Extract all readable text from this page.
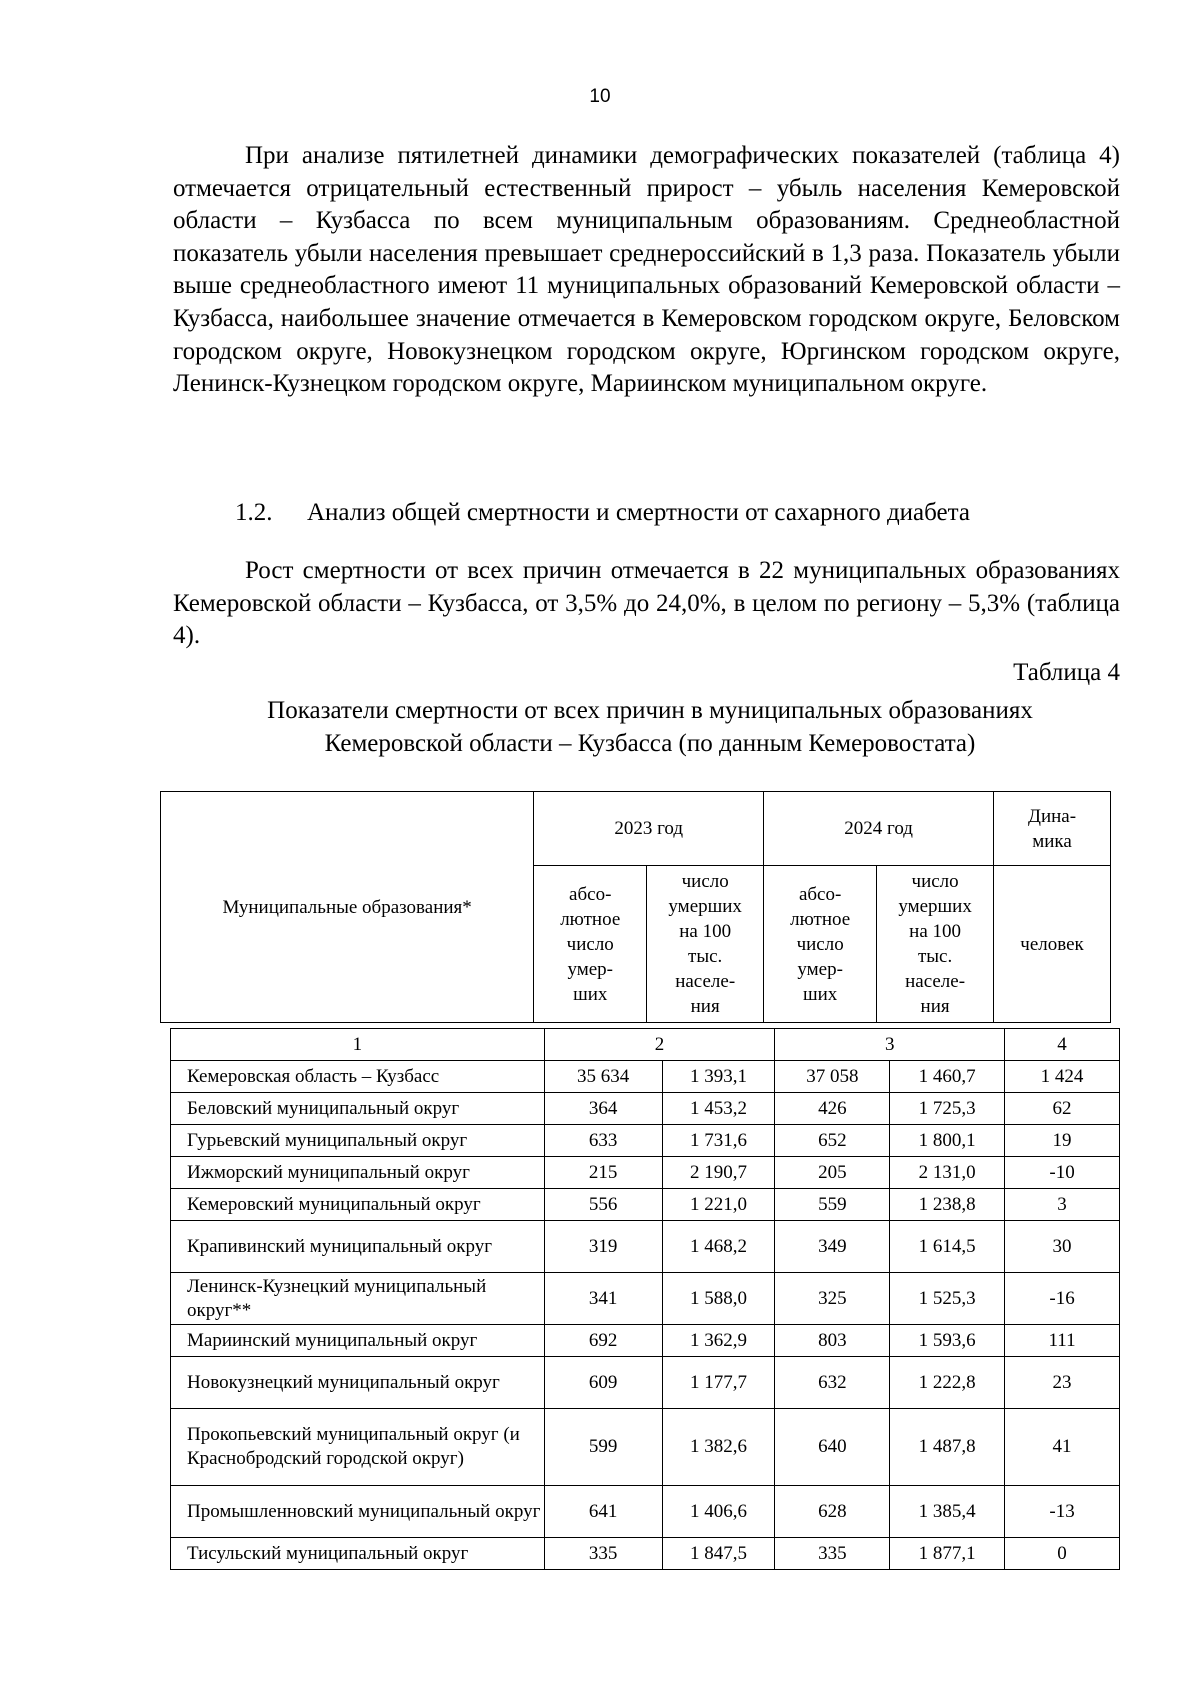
10

При анализе пятилетней динамики демографических показателей (таблица 4) отмечается отрицательный естественный прирост – убыль населения Кемеровской области – Кузбасса по всем муниципальным образованиям. Среднеобластной показатель убыли населения превышает среднероссийский в 1,3 раза. Показатель убыли выше среднеобластного имеют 11 муниципальных образований Кемеровской области – Кузбасса, наибольшее значение отмечается в Кемеровском городском округе, Беловском городском округе, Новокузнецком городском округе, Юргинском городском округе, Ленинск-Кузнецком городском округе, Мариинском муниципальном округе.

1.2. Анализ общей смертности и смертности от сахарного диабета

Рост смертности от всех причин отмечается в 22 муниципальных образованиях Кемеровской области – Кузбасса, от 3,5% до 24,0%, в целом по региону – 5,3% (таблица 4).

Таблица 4

Показатели смертности от всех причин в муниципальных образованиях
Кемеровской области – Кузбасса (по данным Кемеровостата)

Муниципальные образования*	2023 год		2024 год		Дина-мика
	абсо-лютное число умер-ших	число умерших на 100 тыс. населе-ния	абсо-лютное число умер-ших	число умерших на 100 тыс. населе-ния	человек
1	2		3		4
Кемеровская область – Кузбасс	35 634	1 393,1	37 058	1 460,7	1 424
Беловский муниципальный округ	364	1 453,2	426	1 725,3	62
Гурьевский муниципальный округ	633	1 731,6	652	1 800,1	19
Ижморский муниципальный округ	215	2 190,7	205	2 131,0	-10
Кемеровский муниципальный округ	556	1 221,0	559	1 238,8	3
Крапивинский муниципальный округ	319	1 468,2	349	1 614,5	30
Ленинск-Кузнецкий муниципальный округ**	341	1 588,0	325	1 525,3	-16
Мариинский муниципальный округ	692	1 362,9	803	1 593,6	111
Новокузнецкий муниципальный округ	609	1 177,7	632	1 222,8	23
Прокопьевский муниципальный округ (и Краснобродский городской округ)	599	1 382,6	640	1 487,8	41
Промышленновский муниципальный округ	641	1 406,6	628	1 385,4	-13
Тисульский муниципальный округ	335	1 847,5	335	1 877,1	0
